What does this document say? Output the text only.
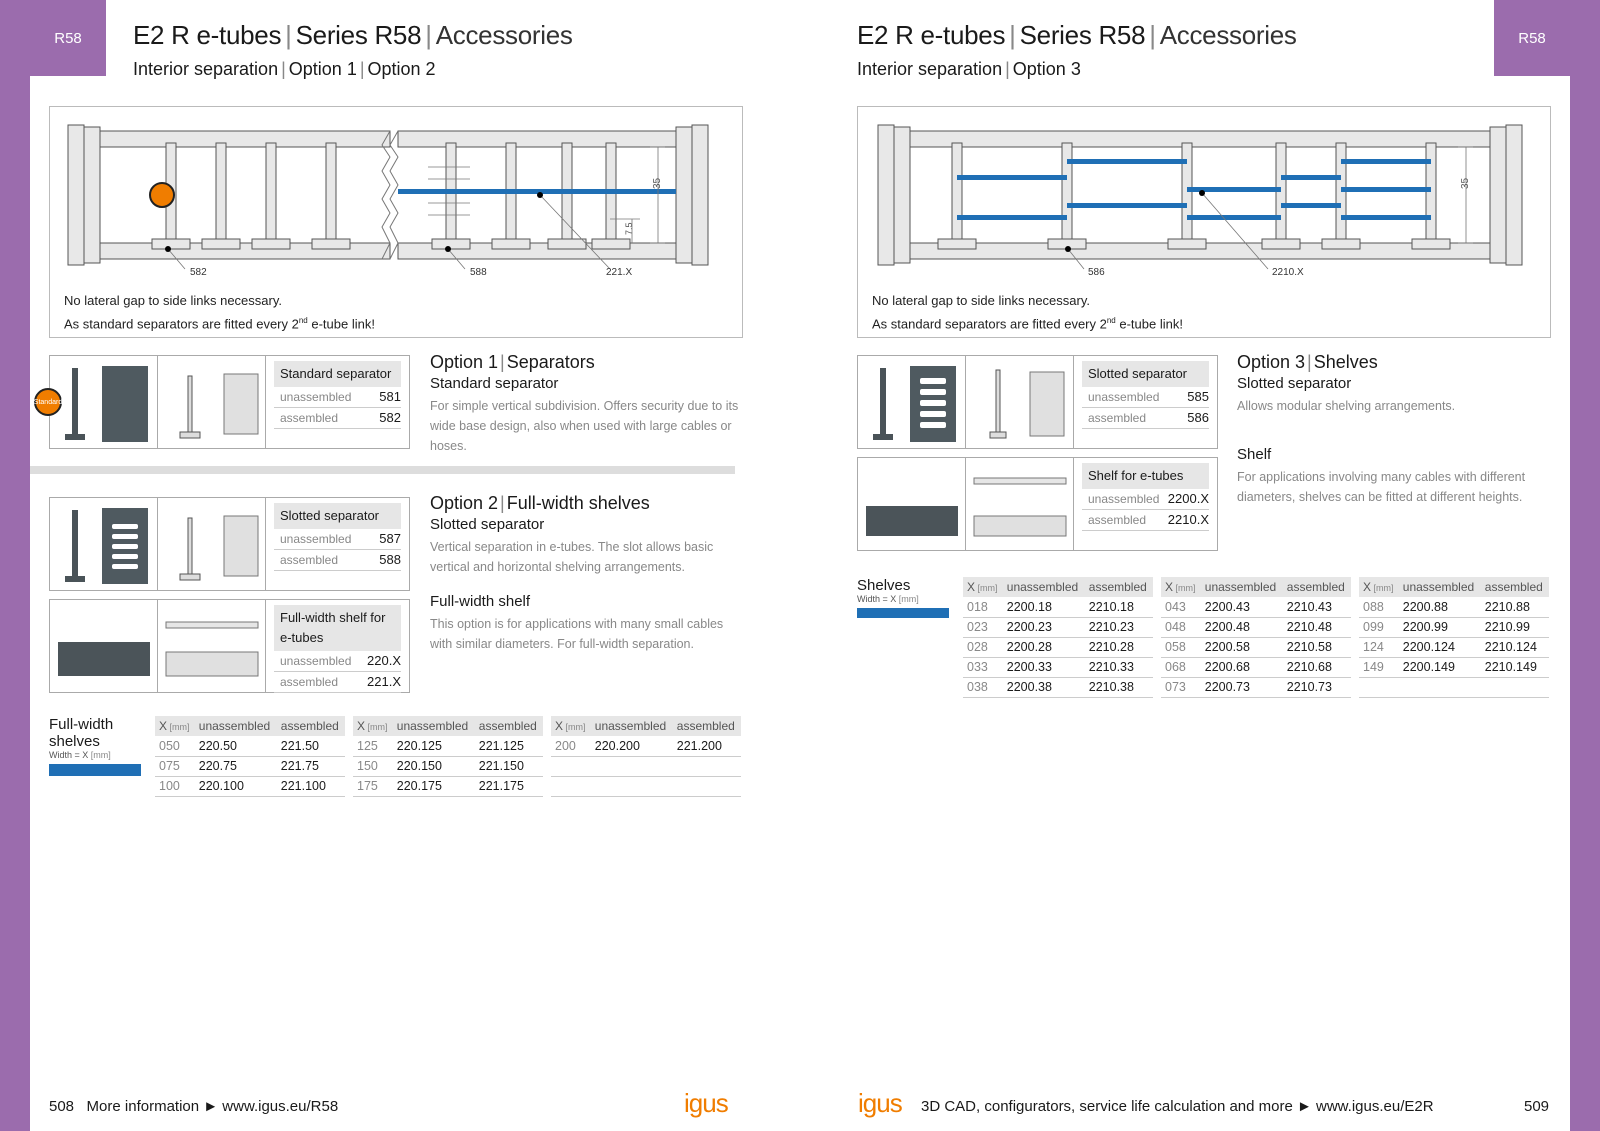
R58	R58
E2 R e-tubes | Series R58 | Accessories
Interior separation | Option 1 | Option 2
582	588	221.X
35
7.5
No lateral gap to side links necessary.
As standard separators are fitted every 2nd e-tube link!
Standard separator
unassembled 581
assembled	582
Standard
Option 1 | Separators
Standard separator
For simple vertical subdivision. Offers security due to its wide base design, also when used with large cables or hoses.
Slotted separator
unassembled 587
assembled	588
Full-width shelf for e-tubes
unassembled 220.X
assembled 221.X
Option 2 | Full-width shelves
Slotted separator
Vertical separation in e-tubes. The slot allows basic vertical and horizontal shelving arrangements.
Full-width shelf
This option is for applications with many small cables with similar diameters. For full-width separation.
Full-width shelves
Width = X [mm]
X [mm]	unassembled	assembled
050	220.50	221.50
075	220.75	221.75
100	220.100	221.100
X [mm]	unassembled	assembled
125	220.125	221.125
150	220.150	221.150
175	220.175	221.175
X [mm]	unassembled	assembled
200	220.200	221.200

508 More information ► www.igus.eu/R58	igus
E2 R e-tubes | Series R58 | Accessories
Interior separation | Option 3
586	2210.X
35
No lateral gap to side links necessary.
As standard separators are fitted every 2nd e-tube link!
Slotted separator
unassembled 585
assembled	586
Shelf for e-tubes
unassembled 2200.X
assembled 2210.X
Option 3 | Shelves
Slotted separator
Allows modular shelving arrangements.
Shelf
For applications involving many cables with different diameters, shelves can be fitted at different heights.
Shelves
Width = X [mm]
X [mm]	unassembled	assembled
018	2200.18	2210.18
023	2200.23	2210.23
028	2200.28	2210.28
033	2200.33	2210.33
038	2200.38	2210.38
X [mm]	unassembled	assembled
043	2200.43	2210.43
048	2200.48	2210.48
058	2200.58	2210.58
068	2200.68	2210.68
073	2200.73	2210.73
X [mm]	unassembled	assembled
088	2200.88	2210.88
099	2200.99	2210.99
124	2200.124	2210.124
149	2200.149	2210.149

igus 3D CAD, configurators, service life calculation and more ► www.igus.eu/E2R	509
